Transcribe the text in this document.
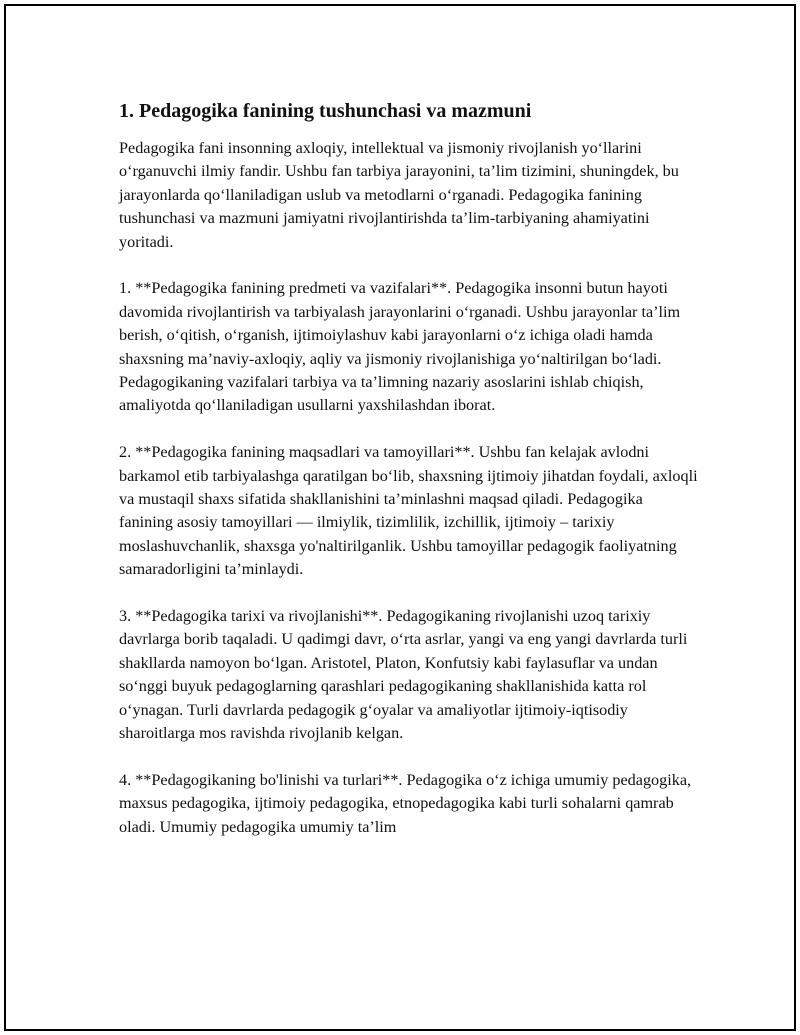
1. Pedagogika fanining tushunchasi va mazmuni

Pedagogika fani insonning axloqiy, intellektual va jismoniy rivojlanish yo‘llarini o‘rganuvchi ilmiy fandir. Ushbu fan tarbiya jarayonini, ta’lim tizimini, shuningdek, bu jarayonlarda qo‘llaniladigan uslub va metodlarni o‘rganadi. Pedagogika fanining tushunchasi va mazmuni jamiyatni rivojlantirishda ta’lim-tarbiyaning ahamiyatini yoritadi.

1. **Pedagogika fanining predmeti va vazifalari**. Pedagogika insonni butun hayoti davomida rivojlantirish va tarbiyalash jarayonlarini o‘rganadi. Ushbu jarayonlar ta’lim berish, o‘qitish, o‘rganish, ijtimoiylashuv kabi jarayonlarni o‘z ichiga oladi hamda shaxsning ma’naviy-axloqiy, aqliy va jismoniy rivojlanishiga yo‘naltirilgan bo‘ladi. Pedagogikaning vazifalari tarbiya va ta’limning nazariy asoslarini ishlab chiqish, amaliyotda qo‘llaniladigan usullarni yaxshilashdan iborat.

2. **Pedagogika fanining maqsadlari va tamoyillari**. Ushbu fan kelajak avlodni barkamol etib tarbiyalashga qaratilgan bo‘lib, shaxsning ijtimoiy jihatdan foydali, axloqli va mustaqil shaxs sifatida shakllanishini ta’minlashni maqsad qiladi. Pedagogika fanining asosiy tamoyillari — ilmiylik, tizimlilik, izchillik, ijtimoiy – tarixiy moslashuvchanlik, shaxsga yo'naltirilganlik. Ushbu tamoyillar pedagogik faoliyatning samaradorligini ta’minlaydi.

3. **Pedagogika tarixi va rivojlanishi**. Pedagogikaning rivojlanishi uzoq tarixiy davrlarga borib taqaladi. U qadimgi davr, o‘rta asrlar, yangi va eng yangi davrlarda turli shakllarda namoyon bo‘lgan. Aristotel, Platon, Konfutsiy kabi faylasuflar va undan so‘nggi buyuk pedagoglarning qarashlari pedagogikaning shakllanishida katta rol o‘ynagan. Turli davrlarda pedagogik g‘oyalar va amaliyotlar ijtimoiy-iqtisodiy sharoitlarga mos ravishda rivojlanib kelgan.

4. **Pedagogikaning bo'linishi va turlari**. Pedagogika o‘z ichiga umumiy pedagogika, maxsus pedagogika, ijtimoiy pedagogika, etnopedagogika kabi turli sohalarni qamrab oladi. Umumiy pedagogika umumiy ta’lim
